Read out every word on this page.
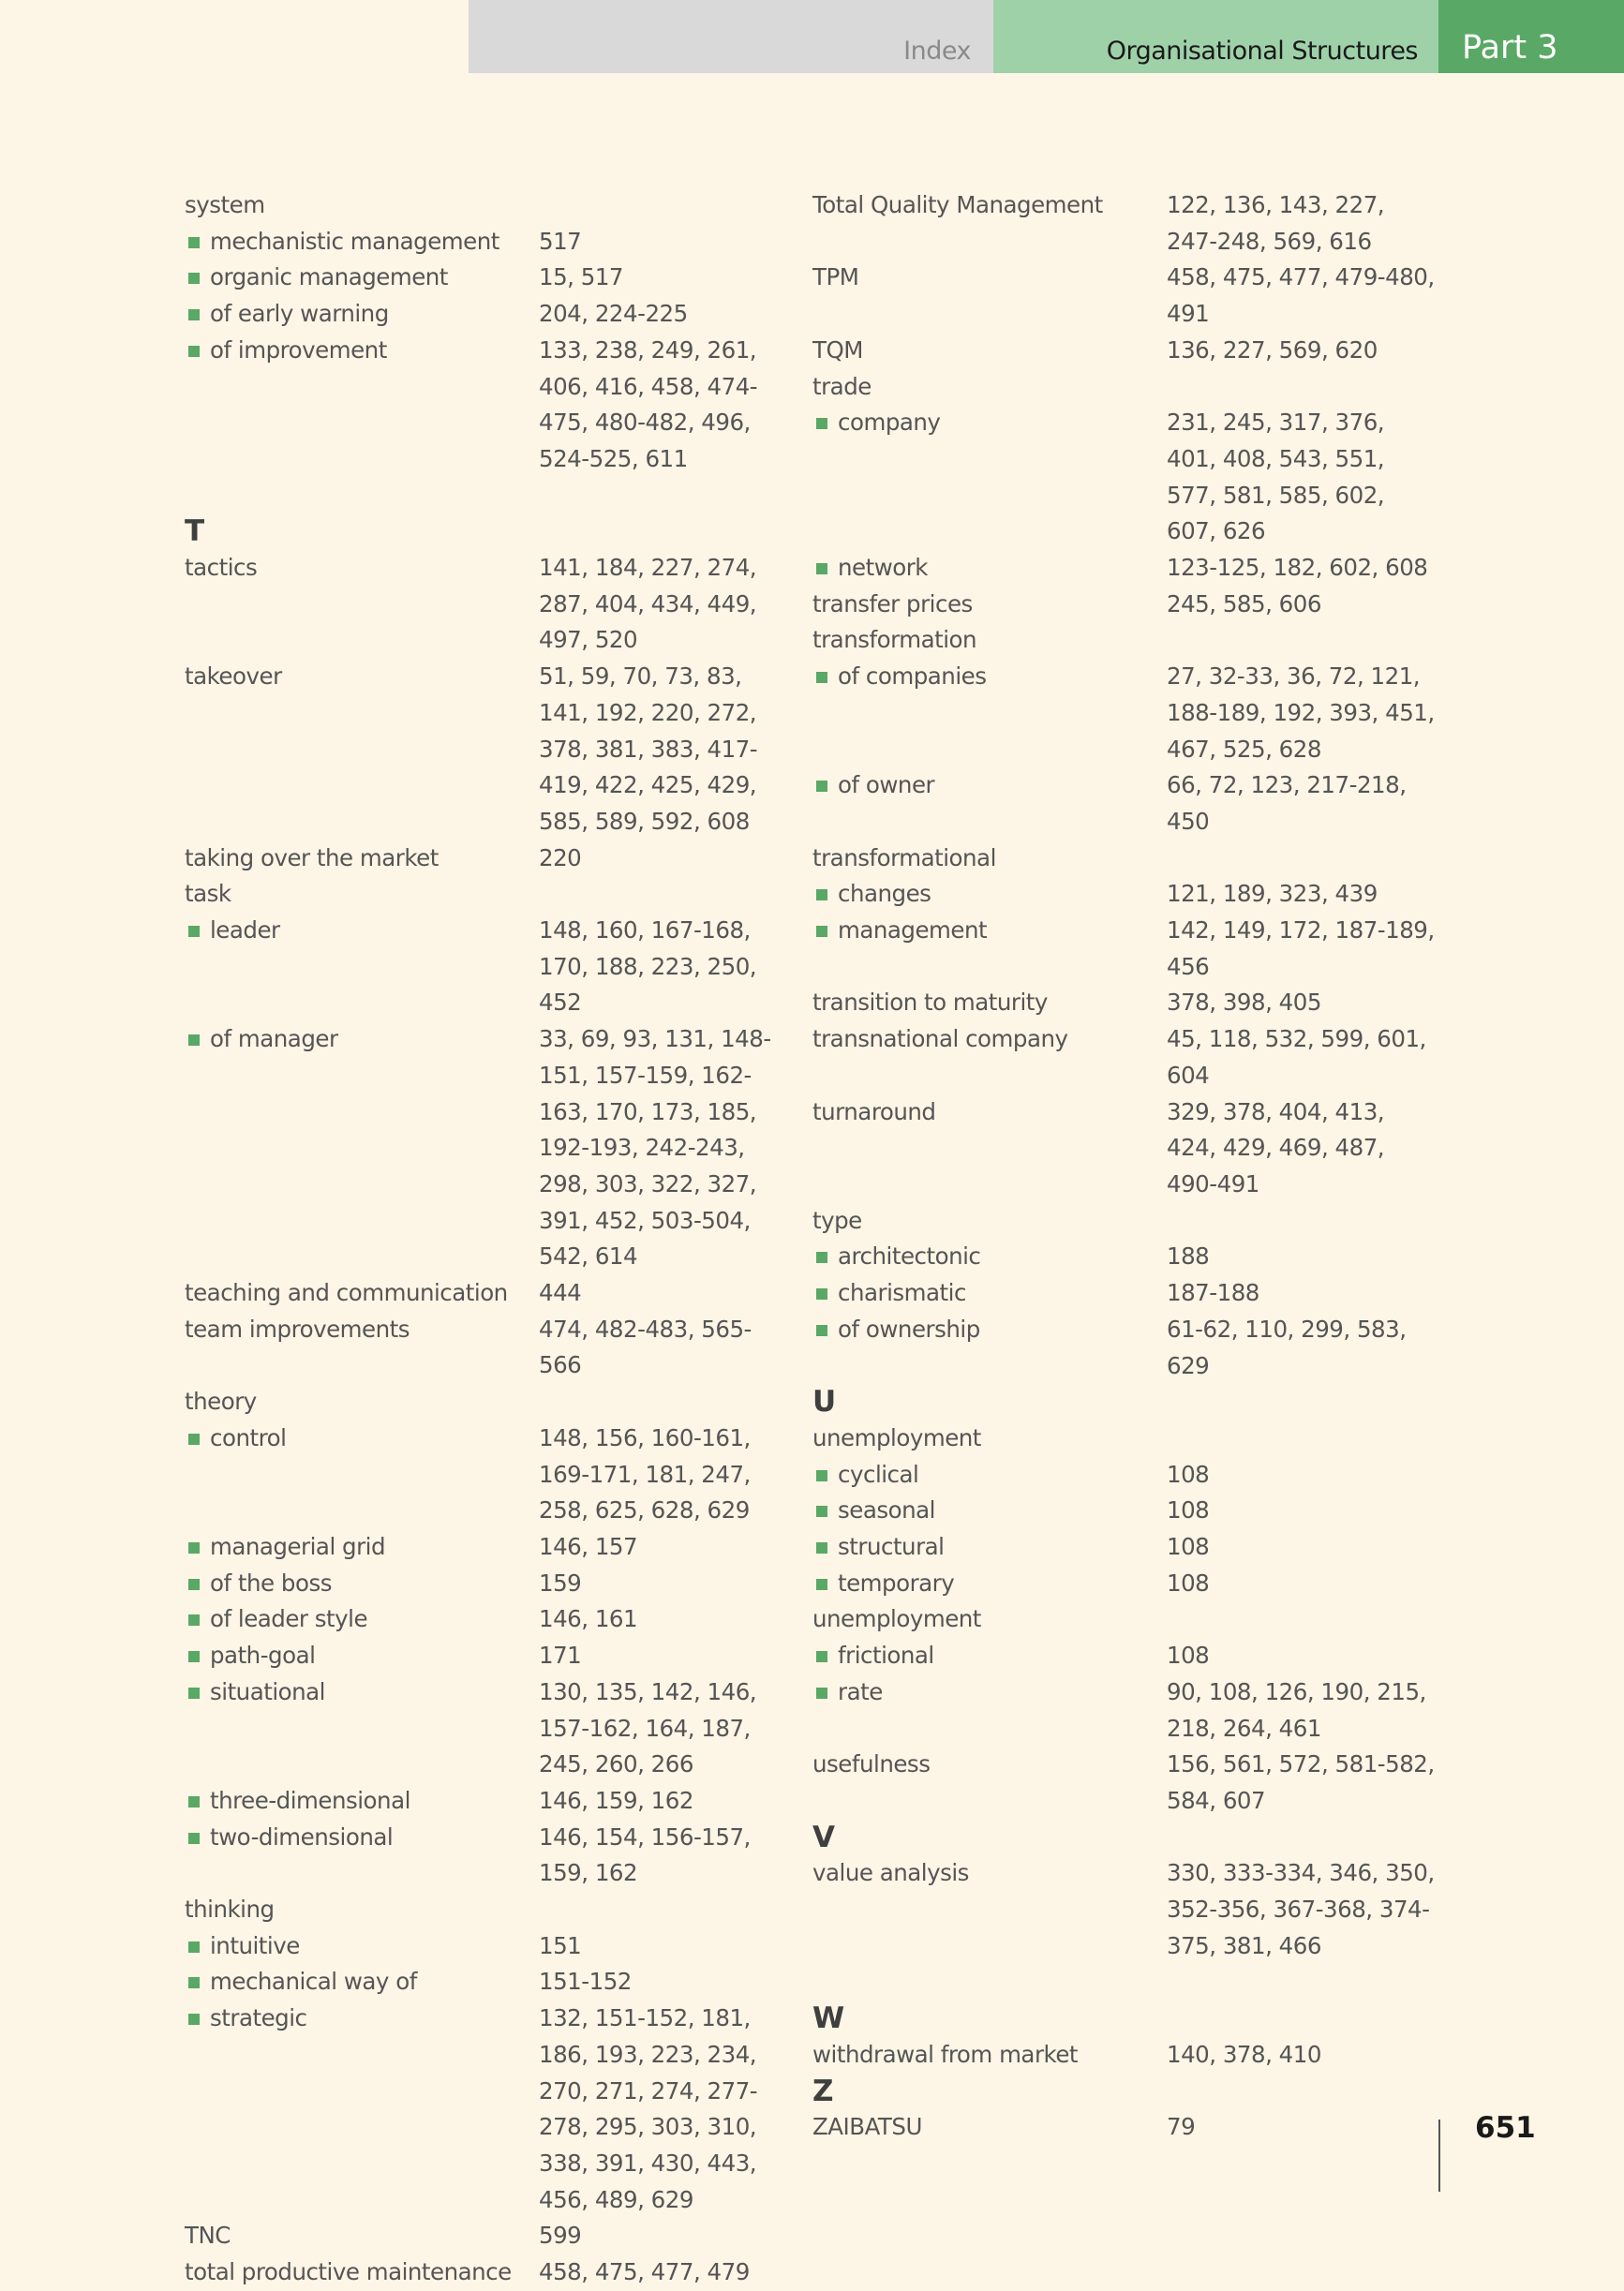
Index	Organisational Structures Part 3
system
mechanistic management	517
organic management	15, 517
of early warning	204, 224-225
of improvement	133, 238, 249, 261, 406, 416, 458, 474-475, 480-482, 496, 524-525, 611
T
tactics	141, 184, 227, 274, 287, 404, 434, 449, 497, 520
takeover	51, 59, 70, 73, 83, 141, 192, 220, 272, 378, 381, 383, 417-419, 422, 425, 429, 585, 589, 592, 608
taking over the market	220
task
leader	148, 160, 167-168, 170, 188, 223, 250, 452
of manager	33, 69, 93, 131, 148-151, 157-159, 162-163, 170, 173, 185, 192-193, 242-243, 298, 303, 322, 327, 391, 452, 503-504, 542, 614
teaching and communication	444
team improvements	474, 482-483, 565-566
theory
control	148, 156, 160-161, 169-171, 181, 247, 258, 625, 628, 629
managerial grid	146, 157
of the boss	159
of leader style	146, 161
path-goal	171
situational	130, 135, 142, 146, 157-162, 164, 187, 245, 260, 266
three-dimensional	146, 159, 162
two-dimensional	146, 154, 156-157, 159, 162
thinking
intuitive	151
mechanical way of	151-152
strategic	132, 151-152, 181, 186, 193, 223, 234, 270, 271, 274, 277-278, 295, 303, 310, 338, 391, 430, 443, 456, 489, 629
TNC	599
total productive maintenance	458, 475, 477, 479
Total Quality Management	122, 136, 143, 227, 247-248, 569, 616
TPM	458, 475, 477, 479-480, 491
TQM	136, 227, 569, 620
trade
company	231, 245, 317, 376, 401, 408, 543, 551, 577, 581, 585, 602, 607, 626
network	123-125, 182, 602, 608
transfer prices	245, 585, 606
transformation
of companies	27, 32-33, 36, 72, 121, 188-189, 192, 393, 451, 467, 525, 628
of owner	66, 72, 123, 217-218, 450
transformational
changes	121, 189, 323, 439
management	142, 149, 172, 187-189, 456
transition to maturity	378, 398, 405
transnational company	45, 118, 532, 599, 601, 604
turnaround	329, 378, 404, 413, 424, 429, 469, 487, 490-491
type
architectonic	188
charismatic	187-188
of ownership	61-62, 110, 299, 583, 629
U
unemployment
cyclical	108
seasonal	108
structural	108
temporary	108
unemployment
frictional	108
rate	90, 108, 126, 190, 215, 218, 264, 461
usefulness	156, 561, 572, 581-582, 584, 607
V
value analysis	330, 333-334, 346, 350, 352-356, 367-368, 374-375, 381, 466
W
withdrawal from market	140, 378, 410
Z
ZAIBATSU	79	651
